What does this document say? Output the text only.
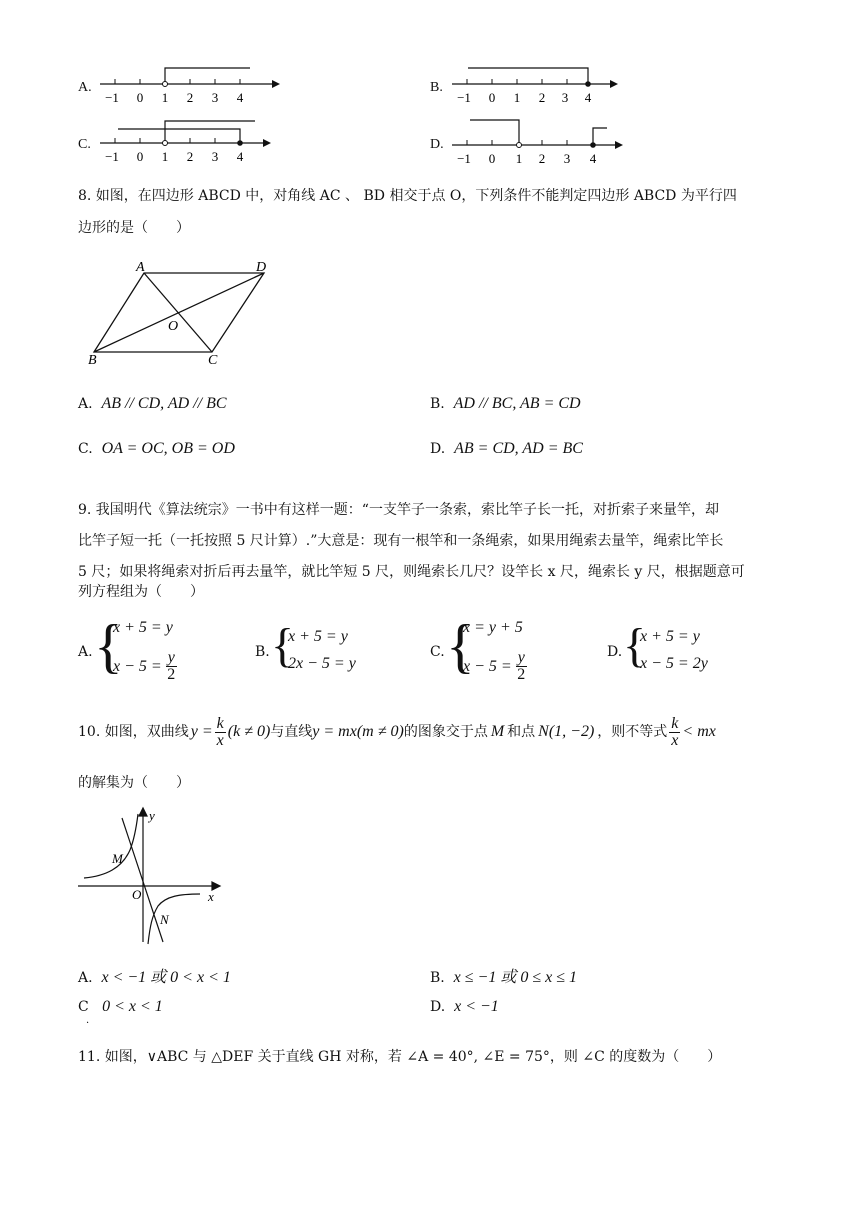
A.
−1 0 1 2 3 4
B.
−1 0 1 2 3 4
C.
−1 0 1 2 3 4
D.
−1 0 1 2 3 4
8. 如图，在四边形 ABCD 中，对角线 AC 、 BD 相交于点 O，下列条件不能判定四边形 ABCD 为平行四
边形的是（　　）
A	D
O
B	C
A. AB // CD, AD // BC	B. AD // BC, AB = CD
C. OA = OC, OB = OD	D. AB = CD, AD = BC
9. 我国明代《算法统宗》一书中有这样一题：“一支竿子一条索，索比竿子长一托，对折索子来量竿，却
比竿子短一托（一托按照 5 尺计算）.”大意是：现有一根竿和一条绳索，如果用绳索去量竿，绳索比竿长
5 尺；如果将绳索对折后再去量竿，就比竿短 5 尺，则绳索长几尺？设竿长 x 尺，绳索长 y 尺，根据题意可
列方程组为（　　）
A. {
x + 5 = y
$x - 5 = \frac{y}{2}$	B. {
x + 5 = y
2x − 5 = y
C. {
x = y + 5
$x - 5 = \frac{y}{2}$	D. {
x + 5 = y
x − 5 = 2y
10. 如图，双曲线 $y = \frac{k}{x} (k \ne 0)$ 与直线 y = mx(m ≠ 0) 的图象交于点 M 和点 N(1, −2) ，则不等式 $\frac{k}{x}$ < mx
的解集为（　　）
y
x
O
M
N
A. x < −1 或 0 < x < 1	B. x ≤ −1 或 0 ≤ x ≤ 1
C 0 < x < 1
·
D. x < −1
11. 如图，∨ABC 与 △DEF 关于直线 GH 对称，若 ∠A = 40°, ∠E = 75°，则 ∠C 的度数为（　　）
